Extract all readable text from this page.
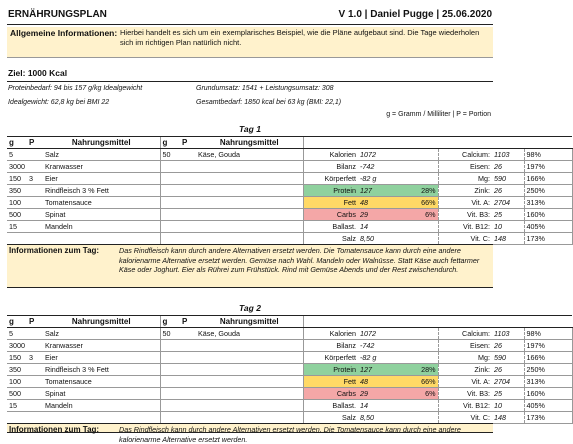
ERNÄHRUNGSPLAN	V 1.0 | Daniel Pugge | 25.06.2020
Allgemeine Informationen: Hierbei handelt es sich um ein exemplarisches Beispiel, wie die Pläne aufgebaut sind. Die Tage wiederholen sich im richtigen Plan natürlich nicht.
Ziel: 1000 Kcal
Proteinbedarf: 94 bis 157 g/kg Idealgewicht	Grundumsatz: 1541 + Leistungsumsatz: 308
Idealgewicht: 62,8 kg bei BMI 22	Gesamtbedarf: 1850 kcal bei 63 kg (BMI: 22,1)
g = Gramm / Milliliter | P = Portion
Tag 1
g	P	Nahrungsmittel	g	P	Nahrungsmittel						
5		Salz	50		Käse, Gouda	Kalorien	1072		Calcium:	1103	98%
3000		Kranwasser				Bilanz	-742		Eisen:	26	197%
150	3	Eier				Körperfett	-82 g		Mg:	590	166%
350		Rindfleisch 3 % Fett				Protein	127	28%	Zink:	26	250%
100		Tomatensauce				Fett	48	66%	Vit. A:	2704	313%
500		Spinat				Carbs	29	6%	Vit. B3:	25	160%
15		Mandeln				Ballast.	14		Vit. B12:	10	405%
						Salz	8,50		Vit. C:	148	173%
Informationen zum Tag:	Das Rindfleisch kann durch andere Alternativen ersetzt werden. Die Tomatensauce kann durch eine andere kalorienarme Alternative ersetzt werden. Gemüse nach Wahl. Mandeln oder Walnüsse. Statt Käse auch fettarmer Käse oder Joghurt. Eier als Rührei zum Frühstück. Rind mit Gemüse Abends und der Rest zwischendurch.
Tag 2
g	P	Nahrungsmittel	g	P	Nahrungsmittel						
5		Salz	50		Käse, Gouda	Kalorien	1072		Calcium:	1103	98%
3000		Kranwasser				Bilanz	-742		Eisen:	26	197%
150	3	Eier				Körperfett	-82 g		Mg:	590	166%
350		Rindfleisch 3 % Fett				Protein	127	28%	Zink:	26	250%
100		Tomatensauce				Fett	48	66%	Vit. A:	2704	313%
500		Spinat				Carbs	29	6%	Vit. B3:	25	160%
15		Mandeln				Ballast.	14		Vit. B12:	10	405%
						Salz	8,50		Vit. C:	148	173%
Informationen zum Tag:	Das Rindfleisch kann durch andere Alternativen ersetzt werden. Die Tomatensauce kann durch eine andere kalorienarme Alternative ersetzt werden.
